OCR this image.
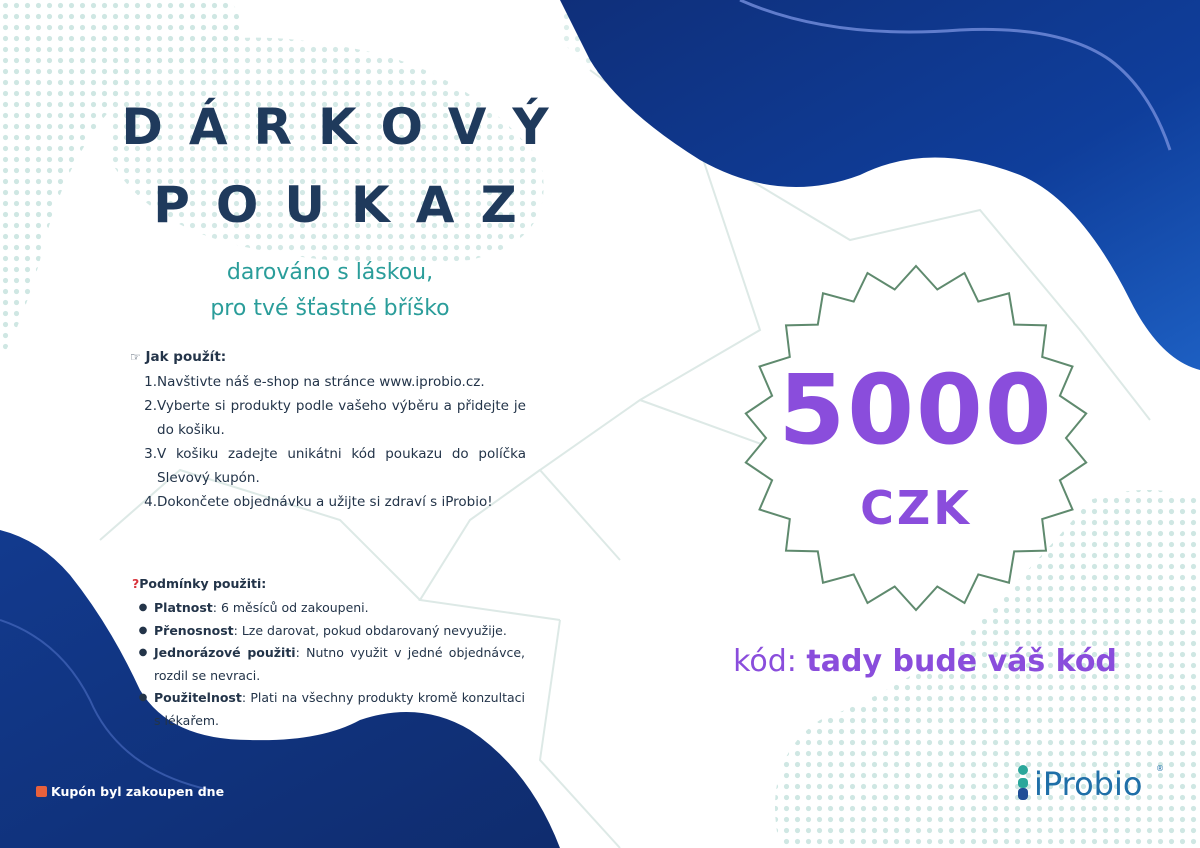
DÁRKOVÝ
POUKAZ
darováno s láskou,
pro tvé šťastné bříško
☞ Jak použít:
1. Navštivte náš e-shop na stránce www.iprobio.cz.
2. Vyberte si produkty podle vašeho výběru a přidejte je do košiku.
3. V košiku zadejte unikátni kód poukazu do políčka Slevový kupón.
4. Dokončete objednávku a užijte si zdraví s iProbio!
?Podmínky použiti:
● Platnost: 6 měsíců od zakoupeni.
● Přenosnost: Lze darovat, pokud obdarovaný nevyužije.
● Jednorázové použiti: Nutno využit v jedné objednávce, rozdil se nevraci.
● Použitelnost: Plati na všechny produkty kromě konzultaci s lékařem.
Kupón byl zakoupen dne
5000
CZK
kód: tady bude váš kód
iProbio ®
